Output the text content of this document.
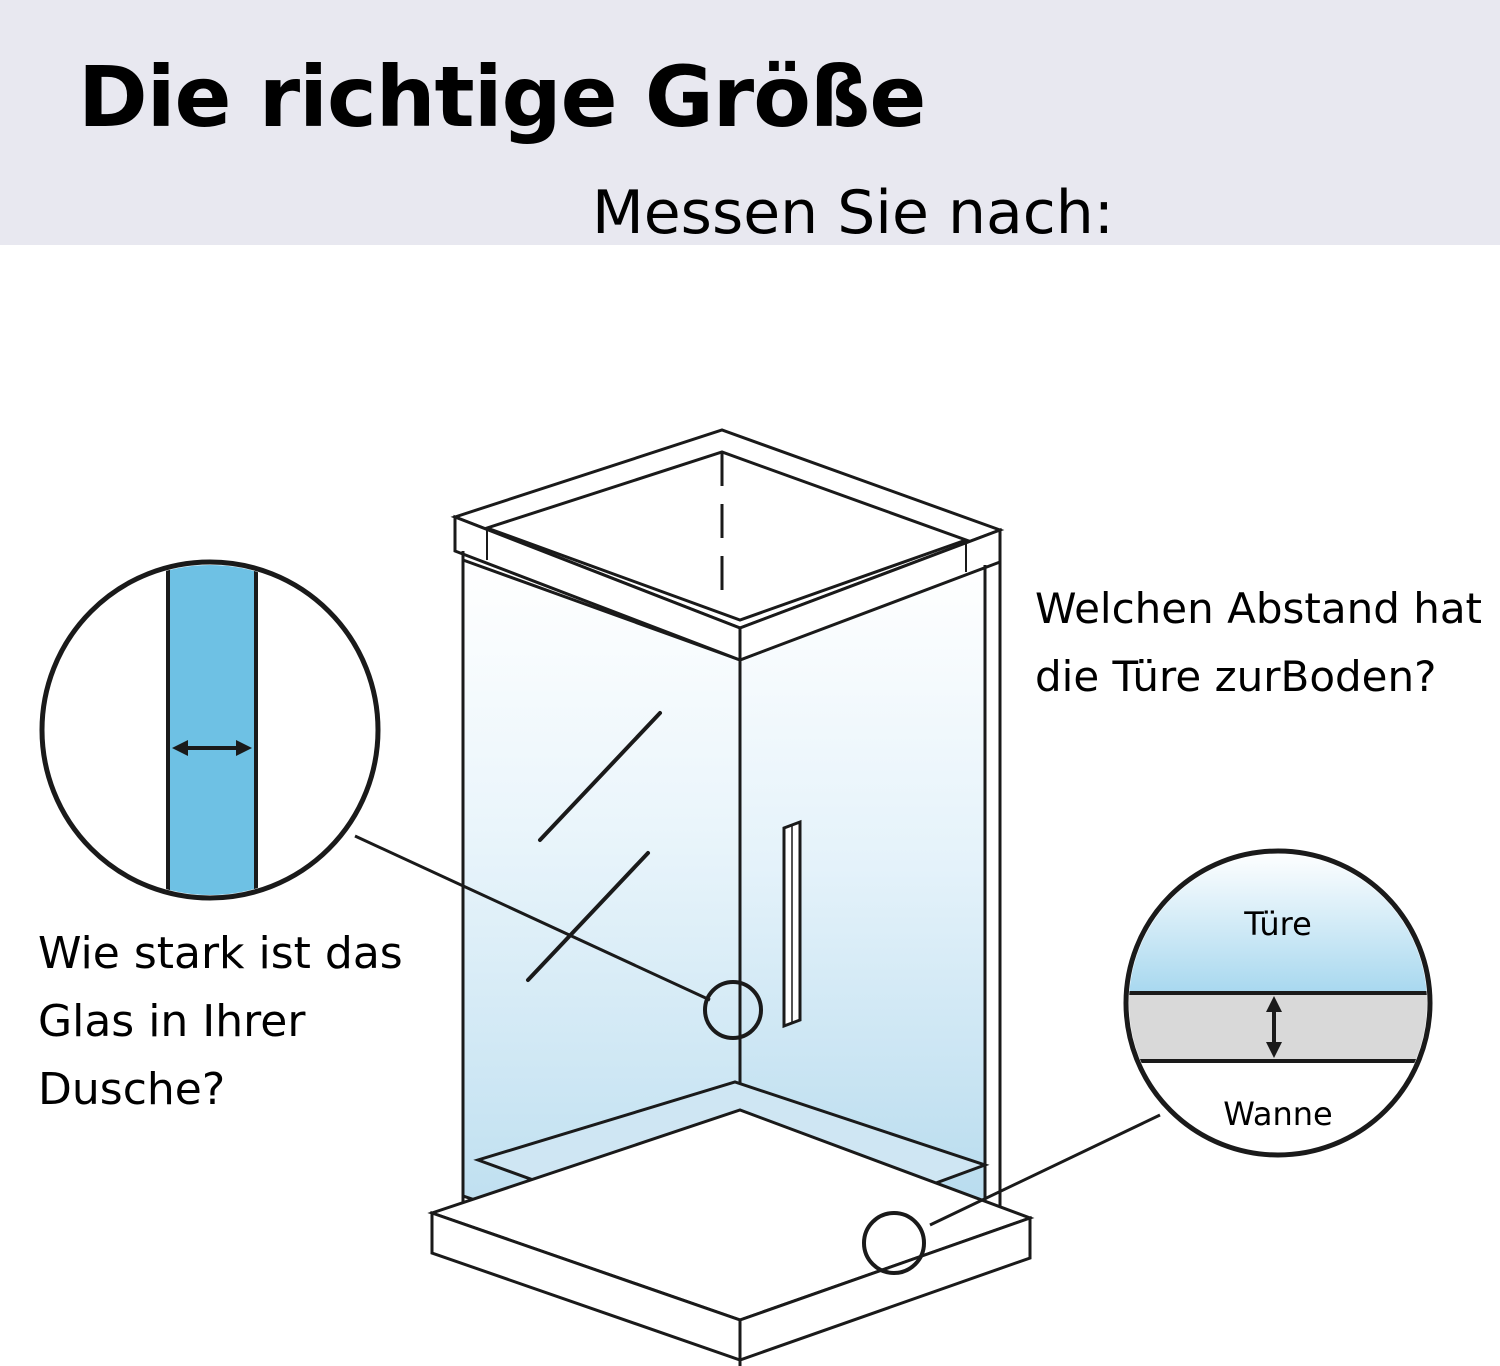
Die richtige Größe
Messen Sie nach:
Wie stark ist das Glas in Ihrer Dusche?
Welchen Abstand hat die Türe zurBoden?
Türe
Wanne
